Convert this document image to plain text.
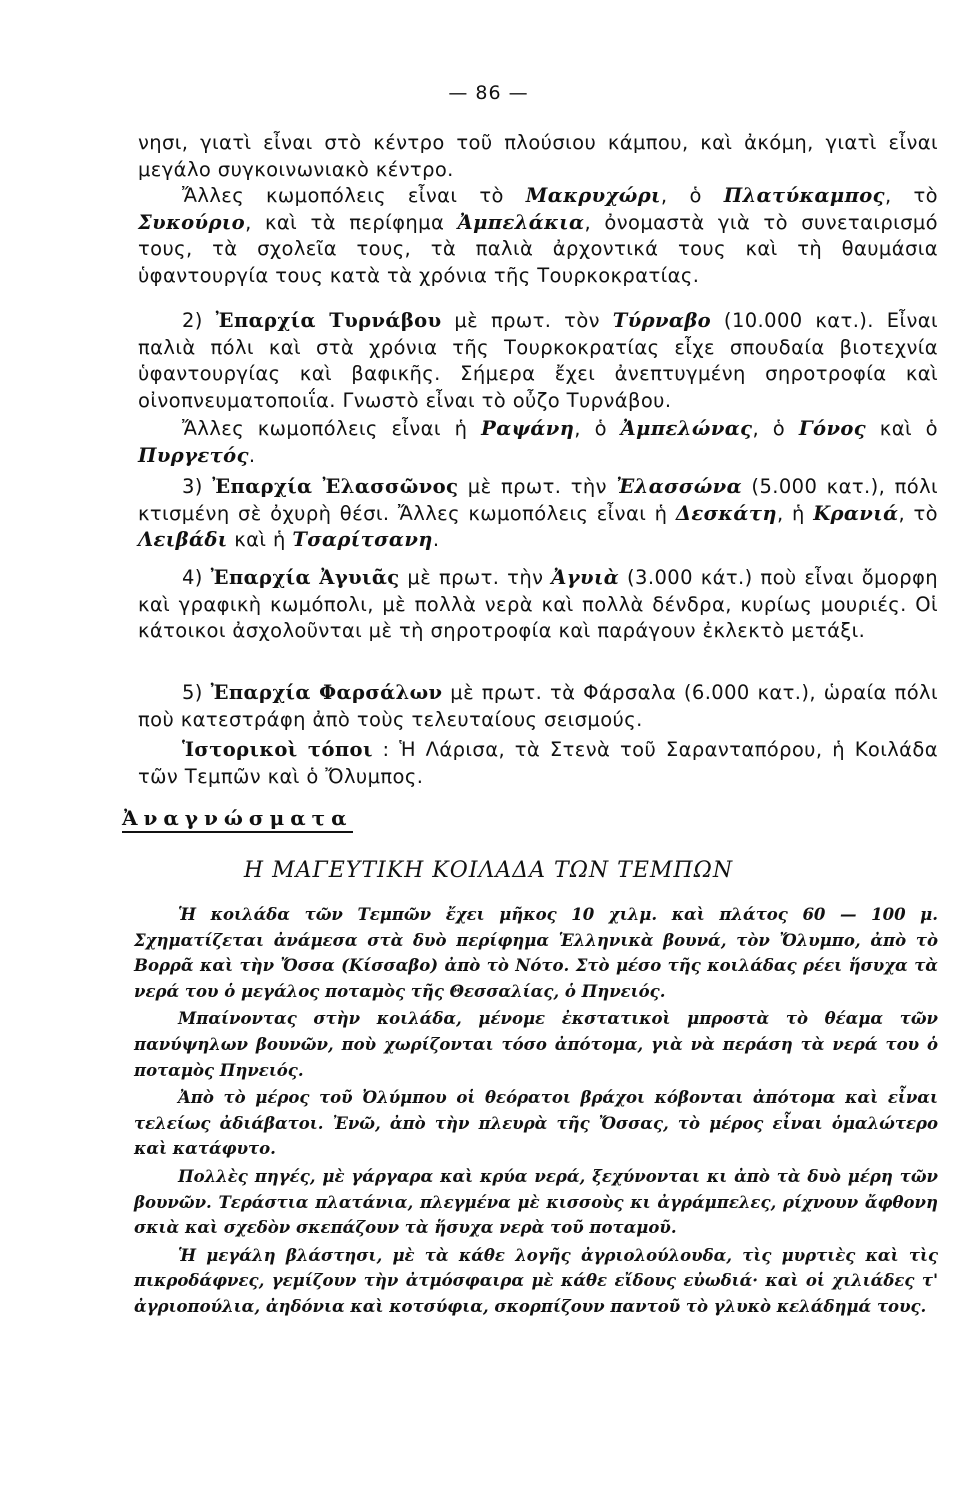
— 86 —

νησι, γιατὶ εἶναι στὸ κέντρο τοῦ πλούσιου κάμπου, καὶ ἀκόμη, γιατὶ εἶναι μεγάλο συγκοινωνιακὸ κέντρο.

Ἄλλες κωμοπόλεις εἶναι τὸ Μακρυχώρι, ὁ Πλατύκαμπος, τὸ Συκούριο, καὶ τὰ περίφημα Ἀμπελάκια, ὀνομαστὰ γιὰ τὸ συνεταιρισμό τους, τὰ σχολεῖα τους, τὰ παλιὰ ἀρχοντικά τους καὶ τὴ θαυμάσια ὑφαντουργία τους κατὰ τὰ χρόνια τῆς Τουρκοκρατίας.

2) Ἐπαρχία Τυρνάβου μὲ πρωτ. τὸν Τύρναβο (10.000 κατ.). Εἶναι παλιὰ πόλι καὶ στὰ χρόνια τῆς Τουρκοκρατίας εἶχε σπουδαία βιοτεχνία ὑφαντουργίας καὶ βαφικῆς. Σήμερα ἔχει ἀνεπτυγμένη σηροτροφία καὶ οἰνοπνευματοποιΐα. Γνωστὸ εἶναι τὸ οὖζο Τυρνάβου.

Ἄλλες κωμοπόλεις εἶναι ἡ Ραψάνη, ὁ Ἀμπελώνας, ὁ Γόνος καὶ ὁ Πυργετός.

3) Ἐπαρχία Ἐλασσῶνος μὲ πρωτ. τὴν Ἐλασσώνα (5.000 κατ.), πόλι κτισμένη σὲ ὀχυρὴ θέσι. Ἄλλες κωμοπόλεις εἶναι ἡ Δεσκάτη, ἡ Κρανιά, τὸ Λειβάδι καὶ ἡ Τσαρίτσανη.

4) Ἐπαρχία Ἀγυιᾶς μὲ πρωτ. τὴν Ἀγυιὰ (3.000 κάτ.) ποὺ εἶναι ὄμορφη καὶ γραφικὴ κωμόπολι, μὲ πολλὰ νερὰ καὶ πολλὰ δένδρα, κυρίως μουριές. Οἱ κάτοικοι ἀσχολοῦνται μὲ τὴ σηροτροφία καὶ παράγουν ἐκλεκτὸ μετάξι.

5) Ἐπαρχία Φαρσάλων μὲ πρωτ. τὰ Φάρσαλα (6.000 κατ.), ὡραία πόλι ποὺ κατεστράφη ἀπὸ τοὺς τελευταίους σεισμούς.

Ἱστορικοὶ τόποι : Ἡ Λάρισα, τὰ Στενὰ τοῦ Σαρανταπόρου, ἡ Κοιλάδα τῶν Τεμπῶν καὶ ὁ Ὄλυμπος.

Ἀναγνώσματα
Η ΜΑΓΕΥΤΙΚΗ ΚΟΙΛΑΔΑ ΤΩΝ ΤΕΜΠΩΝ

Ἡ κοιλάδα τῶν Τεμπῶν ἔχει μῆκος 10 χιλμ. καὶ πλάτος 60 — 100 μ. Σχηματίζεται ἀνάμεσα στὰ δυὸ περίφημα Ἑλληνικὰ βουνά, τὸν Ὄλυμπο, ἀπὸ τὸ Βορρᾶ καὶ τὴν Ὄσσα (Κίσσαβο) ἀπὸ τὸ Νότο. Στὸ μέσο τῆς κοιλάδας ρέει ἥσυχα τὰ νερά του ὁ μεγάλος ποταμὸς τῆς Θεσσαλίας, ὁ Πηνειός.

Μπαίνοντας στὴν κοιλάδα, μένομε ἐκστατικοὶ μπροστὰ τὸ θέαμα τῶν πανύψηλων βουνῶν, ποὺ χωρίζονται τόσο ἀπότομα, γιὰ νὰ περάση τὰ νερά του ὁ ποταμὸς Πηνειός.

Ἀπὸ τὸ μέρος τοῦ Ὀλύμπου οἱ θεόρατοι βράχοι κόβονται ἀπότομα καὶ εἶναι τελείως ἀδιάβατοι. Ἐνῶ, ἀπὸ τὴν πλευρὰ τῆς Ὄσσας, τὸ μέρος εἶναι ὁμαλώτερο καὶ κατάφυτο.

Πολλὲς πηγές, μὲ γάργαρα καὶ κρύα νερά, ξεχύνονται κι ἀπὸ τὰ δυὸ μέρη τῶν βουνῶν. Τεράστια πλατάνια, πλεγμένα μὲ κισσοὺς κι ἀγράμπελες, ρίχνουν ἄφθονη σκιὰ καὶ σχεδὸν σκεπάζουν τὰ ἥσυχα νερὰ τοῦ ποταμοῦ.

Ἡ μεγάλη βλάστησι, μὲ τὰ κάθε λογῆς ἀγριολούλουδα, τὶς μυρτιὲς καὶ τὶς πικροδάφνες, γεμίζουν τὴν ἀτμόσφαιρα μὲ κάθε εἴδους εὐωδιά· καὶ οἱ χιλιάδες τ' ἀγριοπούλια, ἀηδόνια καὶ κοτσύφια, σκορπίζουν παντοῦ τὸ γλυκὸ κελάδημά τους.
